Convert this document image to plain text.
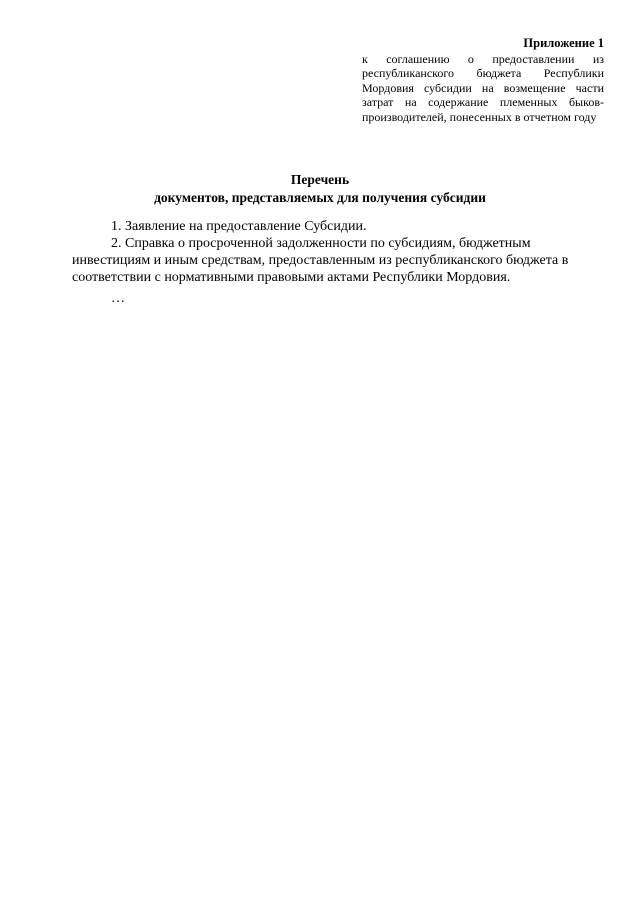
Приложение 1

к соглашению о предоставлении из республиканского бюджета Республики Мордовия субсидии на возмещение части затрат на содержание племенных быков-производителей, понесенных в отчетном году

Перечень
документов, представляемых для получения субсидии

1. Заявление на предоставление Субсидии.

2. Справка о просроченной задолженности по субсидиям, бюджетным инвестициям и иным средствам, предоставленным из республиканского бюджета в соответствии с нормативными правовыми актами Республики Мордовия.

…
